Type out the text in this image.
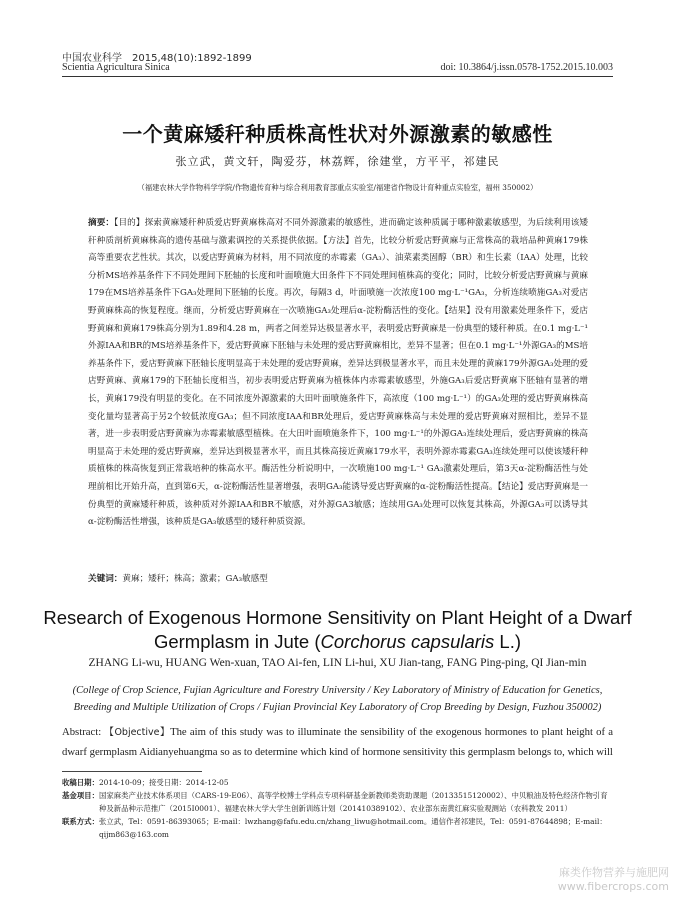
中国农业科学　2015,48(10):1892-1899
Scientia Agricultura Sinica	doi: 10.3864/j.issn.0578-1752.2015.10.003
一个黄麻矮秆种质株高性状对外源激素的敏感性
张立武，黄文轩，陶爱芬，林荔辉，徐建堂，方平平，祁建民
（福建农林大学作物科学学院/作物遗传育种与综合利用教育部重点实验室/福建省作物设计育种重点实验室，福州 350002）
摘要：【目的】探索黄麻矮秆种质爱店野黄麻株高对不同外源激素的敏感性，进而确定该种质属于哪种激素敏感型，为后续利用该矮秆种质剖析黄麻株高的遗传基础与激素调控的关系提供依据。【方法】首先，比较分析爱店野黄麻与正常株高的栽培品种黄麻179株高等重要农艺性状。其次，以爱店野黄麻为材料，用不同浓度的赤霉素（GA₃）、油菜素类固醇（BR）和生长素（IAA）处理，比较分析MS培养基条件下不同处理间下胚轴的长度和叶面喷施大田条件下不同处理间植株高的变化；同时，比较分析爱店野黄麻与黄麻179在MS培养基条件下GA₃处理间下胚轴的长度。再次，每隔3 d，叶面喷施一次浓度100 mg·L⁻¹GA₃，分析连续喷施GA₃对爱店野黄麻株高的恢复程度。继而，分析爱店野黄麻在一次喷施GA₃处理后α-淀粉酶活性的变化。【结果】没有用激素处理条件下，爱店野黄麻和黄麻179株高分别为1.89和4.28 m，两者之间差异达极显著水平，表明爱店野黄麻是一份典型的矮秆种质。在0.1 mg·L⁻¹外源IAA和BR的MS培养基条件下，爱店野黄麻下胚轴与未处理的爱店野黄麻相比，差异不显著；但在0.1 mg·L⁻¹外源GA₃的MS培养基条件下，爱店野黄麻下胚轴长度明显高于未处理的爱店野黄麻，差异达到极显著水平，而且未处理的黄麻179外源GA₃处理的爱店野黄麻、黄麻179的下胚轴长度相当，初步表明爱店野黄麻为植株体内赤霉素敏感型，外施GA₃后爱店野黄麻下胚轴有显著的增长，黄麻179没有明显的变化。在不同浓度外源激素的大田叶面喷施条件下，高浓度（100 mg·L⁻¹）的GA₃处理的爱店野黄麻株高变化量均显著高于另2个较低浓度GA₃；但不同浓度IAA和BR处理后，爱店野黄麻株高与未处理的爱店野黄麻对照相比，差异不显著，进一步表明爱店野黄麻为赤霉素敏感型植株。在大田叶面喷施条件下，100 mg·L⁻¹的外源GA₃连续处理后，爱店野黄麻的株高明显高于未处理的爱店野黄麻，差异达到极显著水平，而且其株高接近黄麻179水平，表明外源赤霉素GA₃连续处理可以使该矮秆种质植株的株高恢复到正常栽培种的株高水平。酶活性分析说明中，一次喷施100 mg·L⁻¹ GA₃激素处理后，第3天α-淀粉酶活性与处理前相比开始升高，直到第6天，α-淀粉酶活性显著增强，表明GA₃能诱导爱店野黄麻的α-淀粉酶活性提高。【结论】爱店野黄麻是一份典型的黄麻矮秆种质，该种质对外源IAA和BR不敏感，对外源GA3敏感；连续用GA₃处理可以恢复其株高，外源GA₃可以诱导其α-淀粉酶活性增强，该种质是GA₃敏感型的矮秆种质资源。
关键词：黄麻；矮秆；株高；激素；GA₃敏感型
Research of Exogenous Hormone Sensitivity on Plant Height of a Dwarf Germplasm in Jute (Corchorus capsularis L.)
ZHANG Li-wu, HUANG Wen-xuan, TAO Ai-fen, LIN Li-hui, XU Jian-tang, FANG Ping-ping, QI Jian-min
(College of Crop Science, Fujian Agriculture and Forestry University / Key Laboratory of Ministry of Education for Genetics, Breeding and Multiple Utilization of Crops / Fujian Provincial Key Laboratory of Crop Breeding by Design, Fuzhou 350002)
Abstract: 【Objective】The aim of this study was to illuminate the sensibility of the exogenous hormones to plant height of a dwarf germplasm Aidianyehuangma so as to determine which kind of hormone sensitivity this germplasm belongs to, which will
收稿日期： 2014-10-09；接受日期：2014-12-05
基金项目： 国家麻类产业技术体系项目（CARS-19-E06）、高等学校博士学科点专项科研基金新教师类资助课题（20133515120002）、中贝粮油及特色经济作物引育种及新品种示范推广（2015I0001）、福建农林大学大学生创新训练计划（201410389102）、农业部东南黄红麻实验观测站（农科教发 2011）
联系方式： 张立武，Tel：0591-86393065；E-mail：lwzhang@fafu.edu.cn/zhang_liwu@hotmail.com。通信作者祁建民，Tel：0591-87644898；E-mail：qijm863@163.com
麻类作物营养与施肥网
www.fibercrops.com
